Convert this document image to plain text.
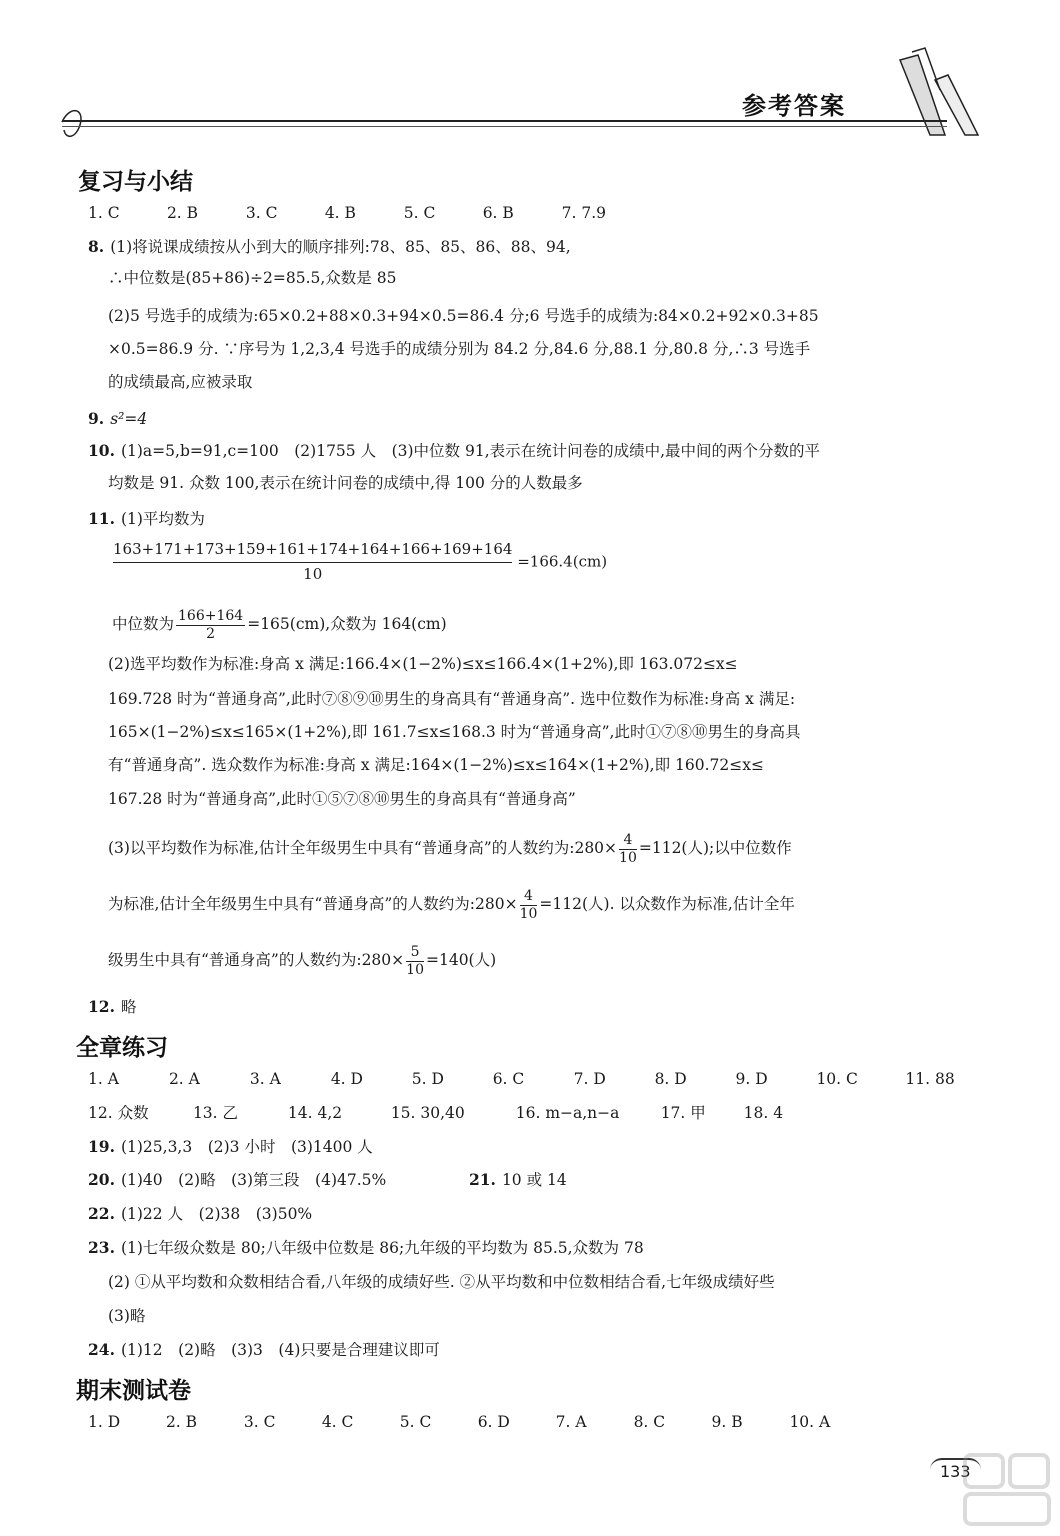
参考答案
复习与小结
1. C	2. B	3. C	4. B	5. C	6. B	7. 7.9
8. (1)将说课成绩按从小到大的顺序排列:78、85、85、86、88、94,
∴中位数是(85+86)÷2=85.5,众数是 85
(2)5 号选手的成绩为:65×0.2+88×0.3+94×0.5=86.4 分;6 号选手的成绩为:84×0.2+92×0.3+85
×0.5=86.9 分. ∵序号为 1,2,3,4 号选手的成绩分别为 84.2 分,84.6 分,88.1 分,80.8 分,∴3 号选手
的成绩最高,应被录取
9. s²=4
10. (1)a=5,b=91,c=100　(2)1755 人　(3)中位数 91,表示在统计问卷的成绩中,最中间的两个分数的平
均数是 91. 众数 100,表示在统计问卷的成绩中,得 100 分的人数最多
11. (1)平均数为
$\frac{163+171+173+159+161+174+164+166+169+164}{10} =166.4(cm)$
中位数为 $\frac{166+164}{2} =165(cm)$,众数为 164(cm)
(2)选平均数作为标准:身高 x 满足:166.4×(1−2%)≤x≤166.4×(1+2%),即 163.072≤x≤
169.728 时为“普通身高”,此时⑦⑧⑨⑩男生的身高具有“普通身高”. 选中位数作为标准:身高 x 满足:
165×(1−2%)≤x≤165×(1+2%),即 161.7≤x≤168.3 时为“普通身高”,此时①⑦⑧⑩男生的身高具
有“普通身高”. 选众数作为标准:身高 x 满足:164×(1−2%)≤x≤164×(1+2%),即 160.72≤x≤
167.28 时为“普通身高”,此时①⑤⑦⑧⑩男生的身高具有“普通身高”
(3)以平均数作为标准,估计全年级男生中具有“普通身高”的人数约为:280× $\frac{4}{10} =112$(人);以中位数作
为标准,估计全年级男生中具有“普通身高”的人数约为:280× $\frac{4}{10} =112$(人). 以众数作为标准,估计全年
级男生中具有“普通身高”的人数约为:280× $\frac{5}{10} =140$(人)
12. 略
全章练习
1. A	2. A	3. A	4. D	5. D	6. C	7. D	8. D	9. D	10. C	11. 88
12. 众数	13. 乙	14. 4,2	15. 30,40	16. m−a,n−a	17. 甲 18. 4
19. (1)25,3,3　(2)3 小时　(3)1400 人
20. (1)40　(2)略　(3)第三段　(4)47.5%	21. 10 或 14
22. (1)22 人　(2)38　(3)50%
23. (1)七年级众数是 80;八年级中位数是 86;九年级的平均数为 85.5,众数为 78
(2) ①从平均数和众数相结合看,八年级的成绩好些. ②从平均数和中位数相结合看,七年级成绩好些
(3)略
24. (1)12　(2)略　(3)3　(4)只要是合理建议即可
期末测试卷
1. D	2. B	3. C	4. C	5. C	6. D	7. A	8. C	9. B	10. A
133
